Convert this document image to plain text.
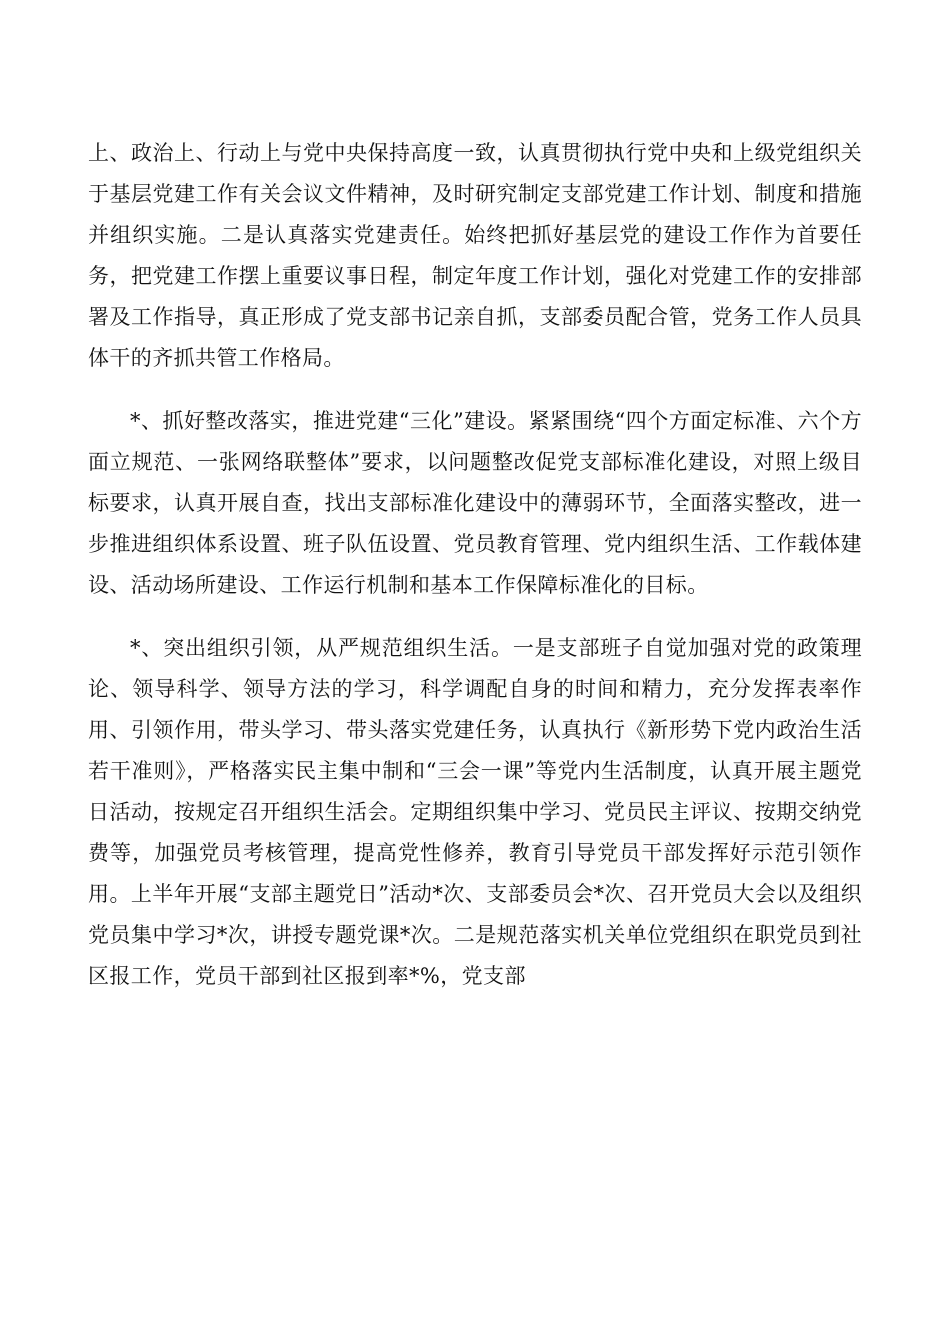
上、政治上、行动上与党中央保持高度一致，认真贯彻执行党中央和上级党组织关于基层党建工作有关会议文件精神，及时研究制定支部党建工作计划、制度和措施并组织实施。二是认真落实党建责任。始终把抓好基层党的建设工作作为首要任务，把党建工作摆上重要议事日程，制定年度工作计划，强化对党建工作的安排部署及工作指导，真正形成了党支部书记亲自抓，支部委员配合管，党务工作人员具体干的齐抓共管工作格局。

*、抓好整改落实，推进党建“三化”建设。紧紧围绕“四个方面定标准、六个方面立规范、一张网络联整体”要求，以问题整改促党支部标准化建设，对照上级目标要求，认真开展自查，找出支部标准化建设中的薄弱环节，全面落实整改，进一步推进组织体系设置、班子队伍设置、党员教育管理、党内组织生活、工作载体建设、活动场所建设、工作运行机制和基本工作保障标准化的目标。

*、突出组织引领，从严规范组织生活。一是支部班子自觉加强对党的政策理论、领导科学、领导方法的学习，科学调配自身的时间和精力，充分发挥表率作用、引领作用，带头学习、带头落实党建任务，认真执行《新形势下党内政治生活若干准则》，严格落实民主集中制和“三会一课”等党内生活制度，认真开展主题党日活动，按规定召开组织生活会。定期组织集中学习、党员民主评议、按期交纳党费等，加强党员考核管理，提高党性修养，教育引导党员干部发挥好示范引领作用。上半年开展“支部主题党日”活动*次、支部委员会*次、召开党员大会以及组织党员集中学习*次，讲授专题党课*次。二是规范落实机关单位党组织在职党员到社区报工作，党员干部到社区报到率*%，党支部
